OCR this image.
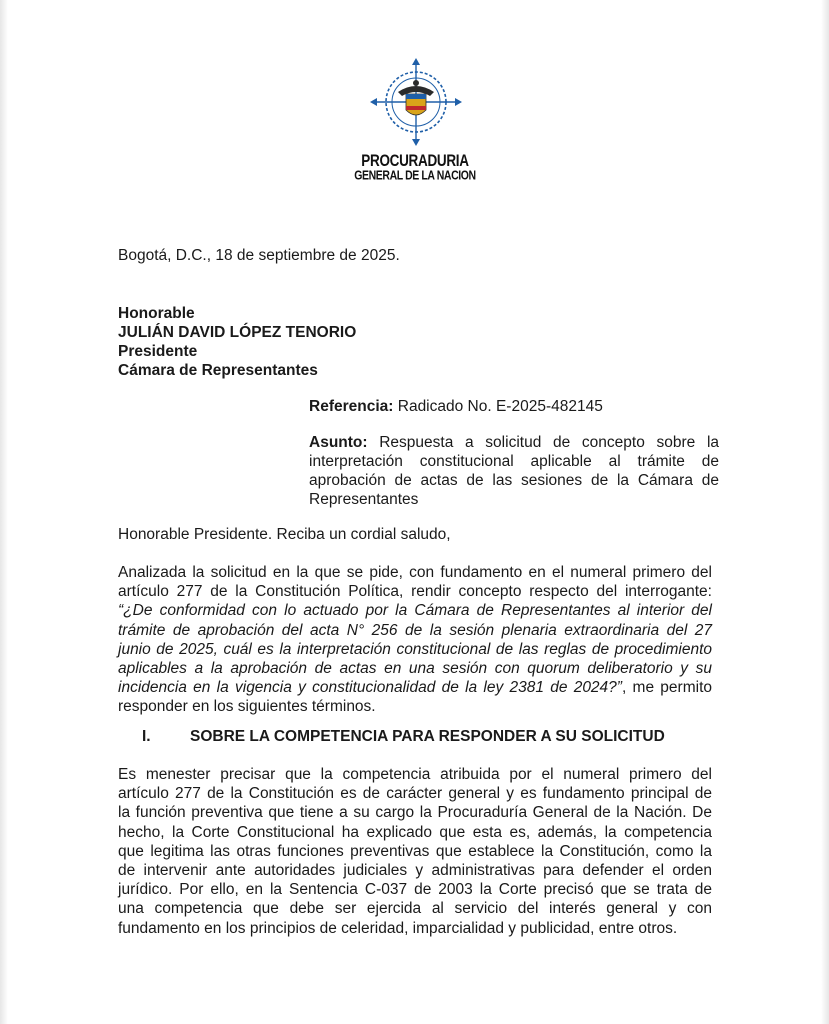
PROCURADURIA
GENERAL DE LA NACION
Bogotá, D.C., 18 de septiembre de 2025.
Honorable
JULIÁN DAVID LÓPEZ TENORIO
Presidente
Cámara de Representantes
Referencia: Radicado No. E-2025-482145
Asunto: Respuesta a solicitud de concepto sobre la interpretación constitucional aplicable al trámite de aprobación de actas de las sesiones de la Cámara de Representantes
Honorable Presidente. Reciba un cordial saludo,
Analizada la solicitud en la que se pide, con fundamento en el numeral primero del
artículo 277 de la Constitución Política, rendir concepto respecto del interrogante:
“¿De conformidad con lo actuado por la Cámara de Representantes al interior del
trámite de aprobación del acta N° 256 de la sesión plenaria extraordinaria del 27
junio de 2025, cuál es la interpretación constitucional de las reglas de procedimiento
aplicables a la aprobación de actas en una sesión con quorum deliberatorio y su
incidencia en la vigencia y constitucionalidad de la ley 2381 de 2024?”, me permito
responder en los siguientes términos.
I.	SOBRE LA COMPETENCIA PARA RESPONDER A SU SOLICITUD
Es menester precisar que la competencia atribuida por el numeral primero del
artículo 277 de la Constitución es de carácter general y es fundamento principal de
la función preventiva que tiene a su cargo la Procuraduría General de la Nación. De
hecho, la Corte Constitucional ha explicado que esta es, además, la competencia
que legitima las otras funciones preventivas que establece la Constitución, como la
de intervenir ante autoridades judiciales y administrativas para defender el orden
jurídico. Por ello, en la Sentencia C-037 de 2003 la Corte precisó que se trata de
una competencia que debe ser ejercida al servicio del interés general y con
fundamento en los principios de celeridad, imparcialidad y publicidad, entre otros.
